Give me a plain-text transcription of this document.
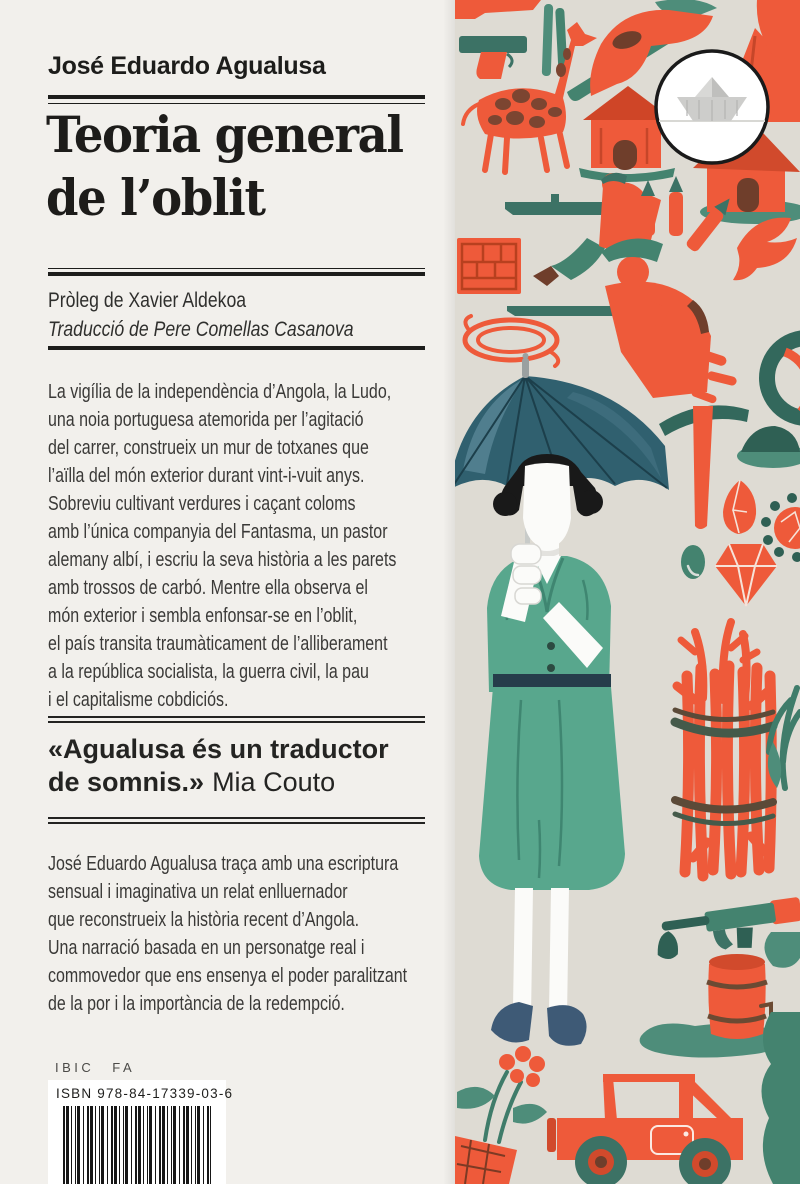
José Eduardo Agualusa
Teoria general
de l’oblit
Pròleg de Xavier Aldekoa
Traducció de Pere Comellas Casanova
La vigília de la independència d’Angola, la Ludo,
una noia portuguesa atemorida per l’agitació
del carrer, construeix un mur de totxanes que
l’aïlla del món exterior durant vint-i-vuit anys.
Sobreviu cultivant verdures i caçant coloms
amb l’única companyia del Fantasma, un pastor
alemany albí, i escriu la seva història a les parets
amb trossos de carbó. Mentre ella observa el
món exterior i sembla enfonsar-se en l’oblit,
el país transita traumàticament de l’alliberament
a la república socialista, la guerra civil, la pau
i el capitalisme cobdiciós.
«Agualusa és un traductor
de somnis.» Mia Couto
José Eduardo Agualusa traça amb una escriptura
sensual i imaginativa un relat enlluernador
que reconstrueix la història recent d’Angola.
Una narració basada en un personatge real i
commovedor que ens ensenya el poder paralitzant
de la por i la importància de la redempció.
IBIC FA
ISBN 978-84-17339-03-6
